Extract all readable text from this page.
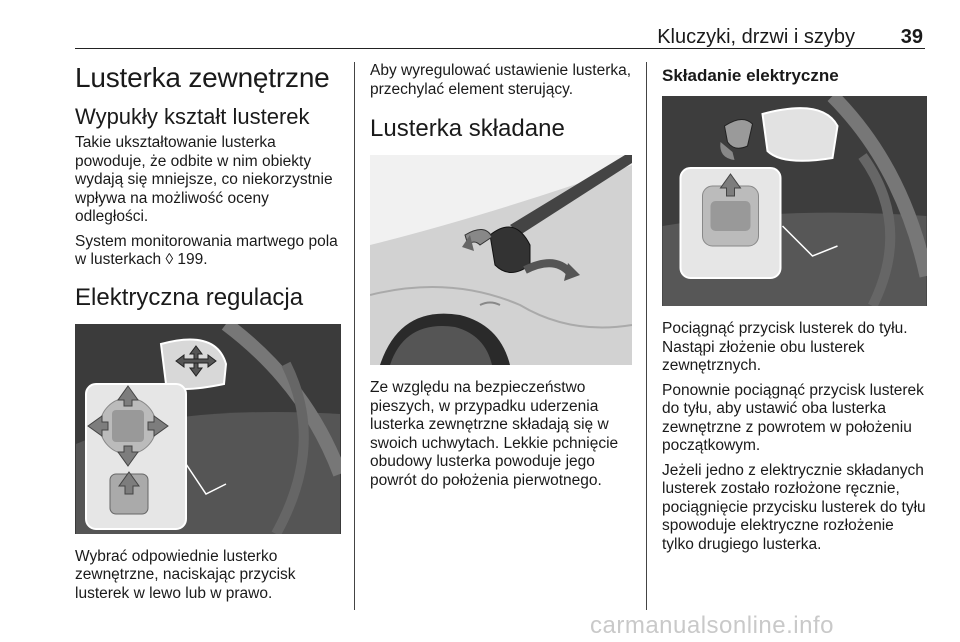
Kluczyki, drzwi i szyby 39
Lusterka zewnętrzne
Wypukły kształt lusterek
Takie ukształtowanie lusterka powoduje, że odbite w nim obiekty wydają się mniejsze, co niekorzystnie wpływa na możliwość oceny odległości.
System monitorowania martwego pola w lusterkach ◊ 199.
Elektryczna regulacja
Wybrać odpowiednie lusterko zewnętrzne, naciskając przycisk lusterek w lewo lub w prawo.
Aby wyregulować ustawienie lusterka, przechylać element sterujący.
Lusterka składane
Ze względu na bezpieczeństwo pieszych, w przypadku uderzenia lusterka zewnętrzne składają się w swoich uchwytach. Lekkie pchnięcie obudowy lusterka powoduje jego powrót do położenia pierwotnego.
Składanie elektryczne
Pociągnąć przycisk lusterek do tyłu. Nastąpi złożenie obu lusterek zewnętrznych.
Ponownie pociągnąć przycisk lusterek do tyłu, aby ustawić oba lusterka zewnętrzne z powrotem w położeniu początkowym.
Jeżeli jedno z elektrycznie składanych lusterek zostało rozłożone ręcznie, pociągnięcie przycisku lusterek do tyłu spowoduje elektryczne rozłożenie tylko drugiego lusterka.
carmanualsonline.info
